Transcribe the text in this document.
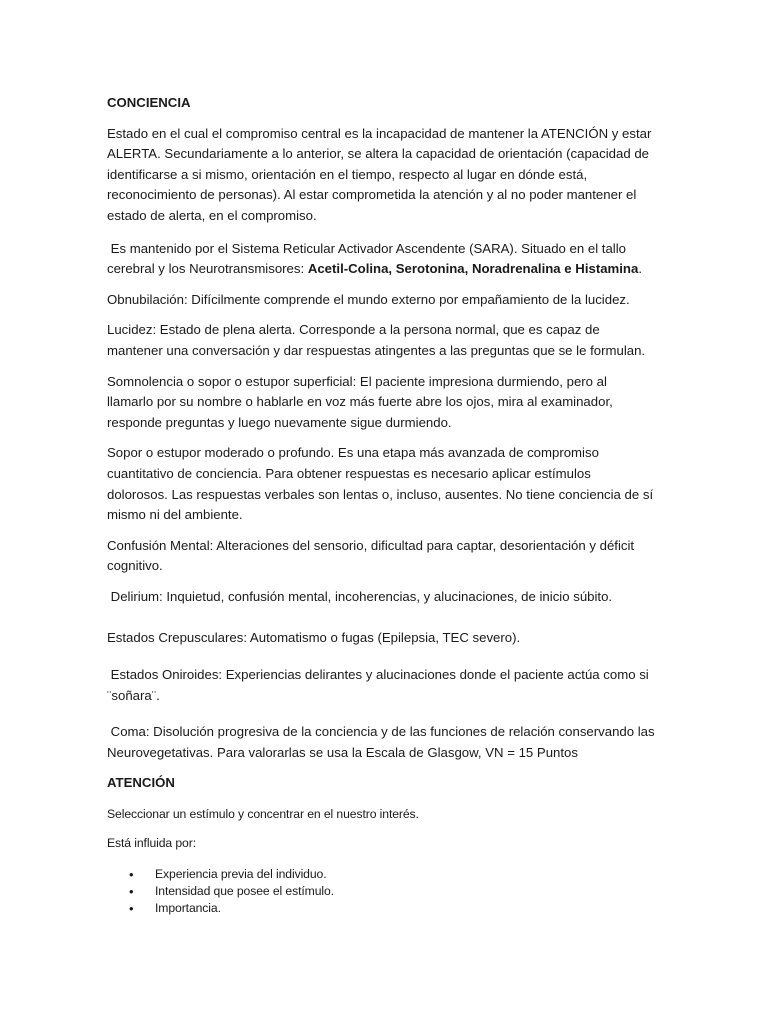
CONCIENCIA

Estado en el cual el compromiso central es la incapacidad de mantener la ATENCIÓN y estar ALERTA. Secundariamente a lo anterior, se altera la capacidad de orientación (capacidad de identificarse a si mismo, orientación en el tiempo, respecto al lugar en dónde está, reconocimiento de personas). Al estar comprometida la atención y al no poder mantener el estado de alerta, en el compromiso.

Es mantenido por el Sistema Reticular Activador Ascendente (SARA). Situado en el tallo cerebral y los Neurotransmisores: Acetil-Colina, Serotonina, Noradrenalina e Histamina.

Obnubilación: Difícilmente comprende el mundo externo por empañamiento de la lucidez.

Lucidez: Estado de plena alerta. Corresponde a la persona normal, que es capaz de mantener una conversación y dar respuestas atingentes a las preguntas que se le formulan.

Somnolencia o sopor o estupor superficial: El paciente impresiona durmiendo, pero al llamarlo por su nombre o hablarle en voz más fuerte abre los ojos, mira al examinador, responde preguntas y luego nuevamente sigue durmiendo.

Sopor o estupor moderado o profundo. Es una etapa más avanzada de compromiso cuantitativo de conciencia. Para obtener respuestas es necesario aplicar estímulos dolorosos. Las respuestas verbales son lentas o, incluso, ausentes. No tiene conciencia de sí mismo ni del ambiente.

Confusión Mental: Alteraciones del sensorio, dificultad para captar, desorientación y déficit cognitivo.

Delirium: Inquietud, confusión mental, incoherencias, y alucinaciones, de inicio súbito.

Estados Crepusculares: Automatismo o fugas (Epilepsia, TEC severo).

Estados Oniroides: Experiencias delirantes y alucinaciones donde el paciente actúa como si ¨soñara¨.

Coma: Disolución progresiva de la conciencia y de las funciones de relación conservando las Neurovegetativas. Para valorarlas se usa la Escala de Glasgow, VN = 15 Puntos

ATENCIÓN

Seleccionar un estímulo y concentrar en el nuestro interés.

Está influida por:

• Experiencia previa del individuo.
• Intensidad que posee el estímulo.
• Importancia.
